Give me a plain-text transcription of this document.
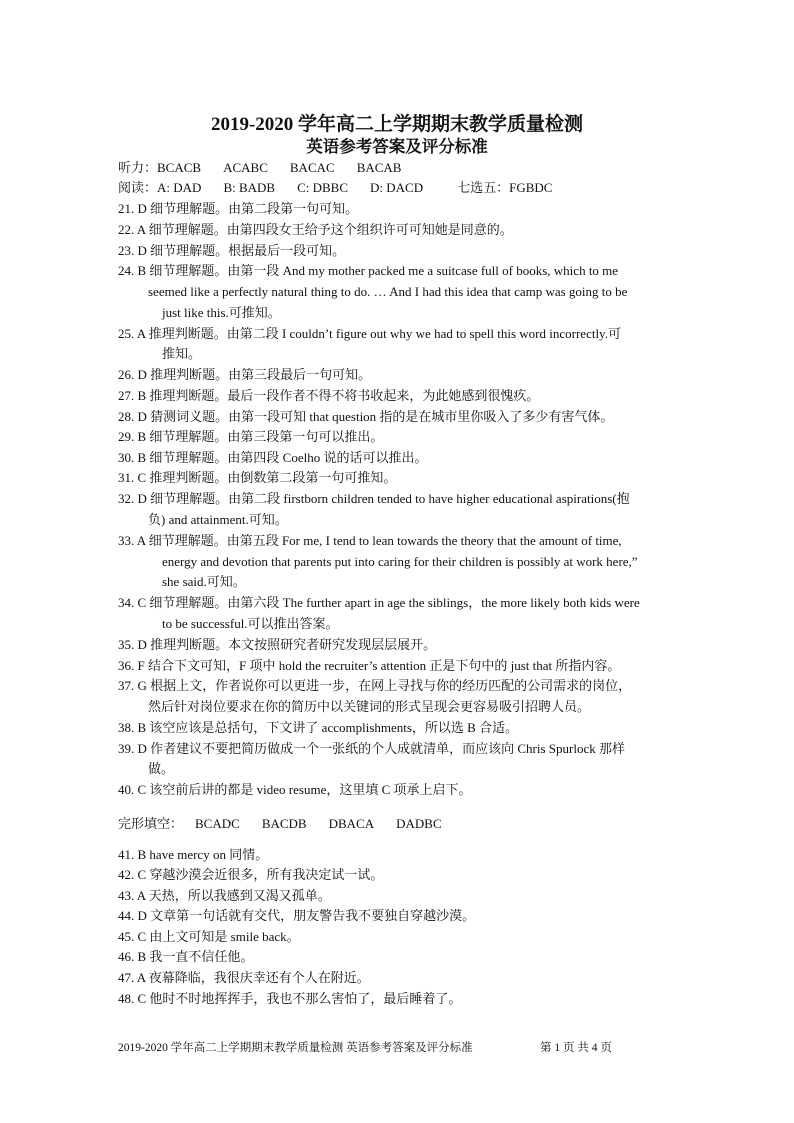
2019-2020 学年高二上学期期末教学质量检测
英语参考答案及评分标准
听力：BCACB ACABC BACAC BACAB
阅读：A: DAD B: BADB C: DBBC D: DACD	七选五：FGBDC
21. D 细节理解题。由第二段第一句可知。
22. A 细节理解题。由第四段女王给予这个组织许可可知她是同意的。
23. D 细节理解题。根据最后一段可知。
24. B 细节理解题。由第一段 And my mother packed me a suitcase full of books, which to me
seemed like a perfectly natural thing to do. … And I had this idea that camp was going to be
just like this.可推知。
25. A 推理判断题。由第二段 I couldn’t figure out why we had to spell this word incorrectly.可
推知。
26. D 推理判断题。由第三段最后一句可知。
27. B 推理判断题。最后一段作者不得不将书收起来，为此她感到很愧疚。
28. D 猜测词义题。由第一段可知 that question 指的是在城市里你吸入了多少有害气体。
29. B 细节理解题。由第三段第一句可以推出。
30. B 细节理解题。由第四段 Coelho 说的话可以推出。
31. C 推理判断题。由倒数第二段第一句可推知。
32. D 细节理解题。由第二段 firstborn children tended to have higher educational aspirations(抱
负) and attainment.可知。
33. A 细节理解题。由第五段 For me, I tend to lean towards the theory that the amount of time,
energy and devotion that parents put into caring for their children is possibly at work here,”
she said.可知。
34. C 细节理解题。由第六段 The further apart in age the siblings，the more likely both kids were
to be successful.可以推出答案。
35. D 推理判断题。本文按照研究者研究发现层层展开。
36. F 结合下文可知，F 项中 hold the recruiter’s attention 正是下句中的 just that 所指内容。
37. G 根据上文，作者说你可以更进一步，在网上寻找与你的经历匹配的公司需求的岗位，
然后针对岗位要求在你的简历中以关键词的形式呈现会更容易吸引招聘人员。
38. B 该空应该是总括句，下文讲了 accomplishments，所以选 B 合适。
39. D 作者建议不要把简历做成一个一张纸的个人成就清单，而应该向 Chris Spurlock 那样
做。
40. C 该空前后讲的都是 video resume，这里填 C 项承上启下。
完形填空： BCADC BACDB DBACA DADBC
41. B have mercy on 同情。
42. C 穿越沙漠会近很多，所有我决定试一试。
43. A 天热，所以我感到又渴又孤单。
44. D 文章第一句话就有交代，朋友警告我不要独自穿越沙漠。
45. C 由上文可知是 smile back。
46. B 我一直不信任他。
47. A 夜幕降临，我很庆幸还有个人在附近。
48. C 他时不时地挥挥手，我也不那么害怕了，最后睡着了。
2019-2020 学年高二上学期期末教学质量检测 英语参考答案及评分标准	第 1 页 共 4 页
